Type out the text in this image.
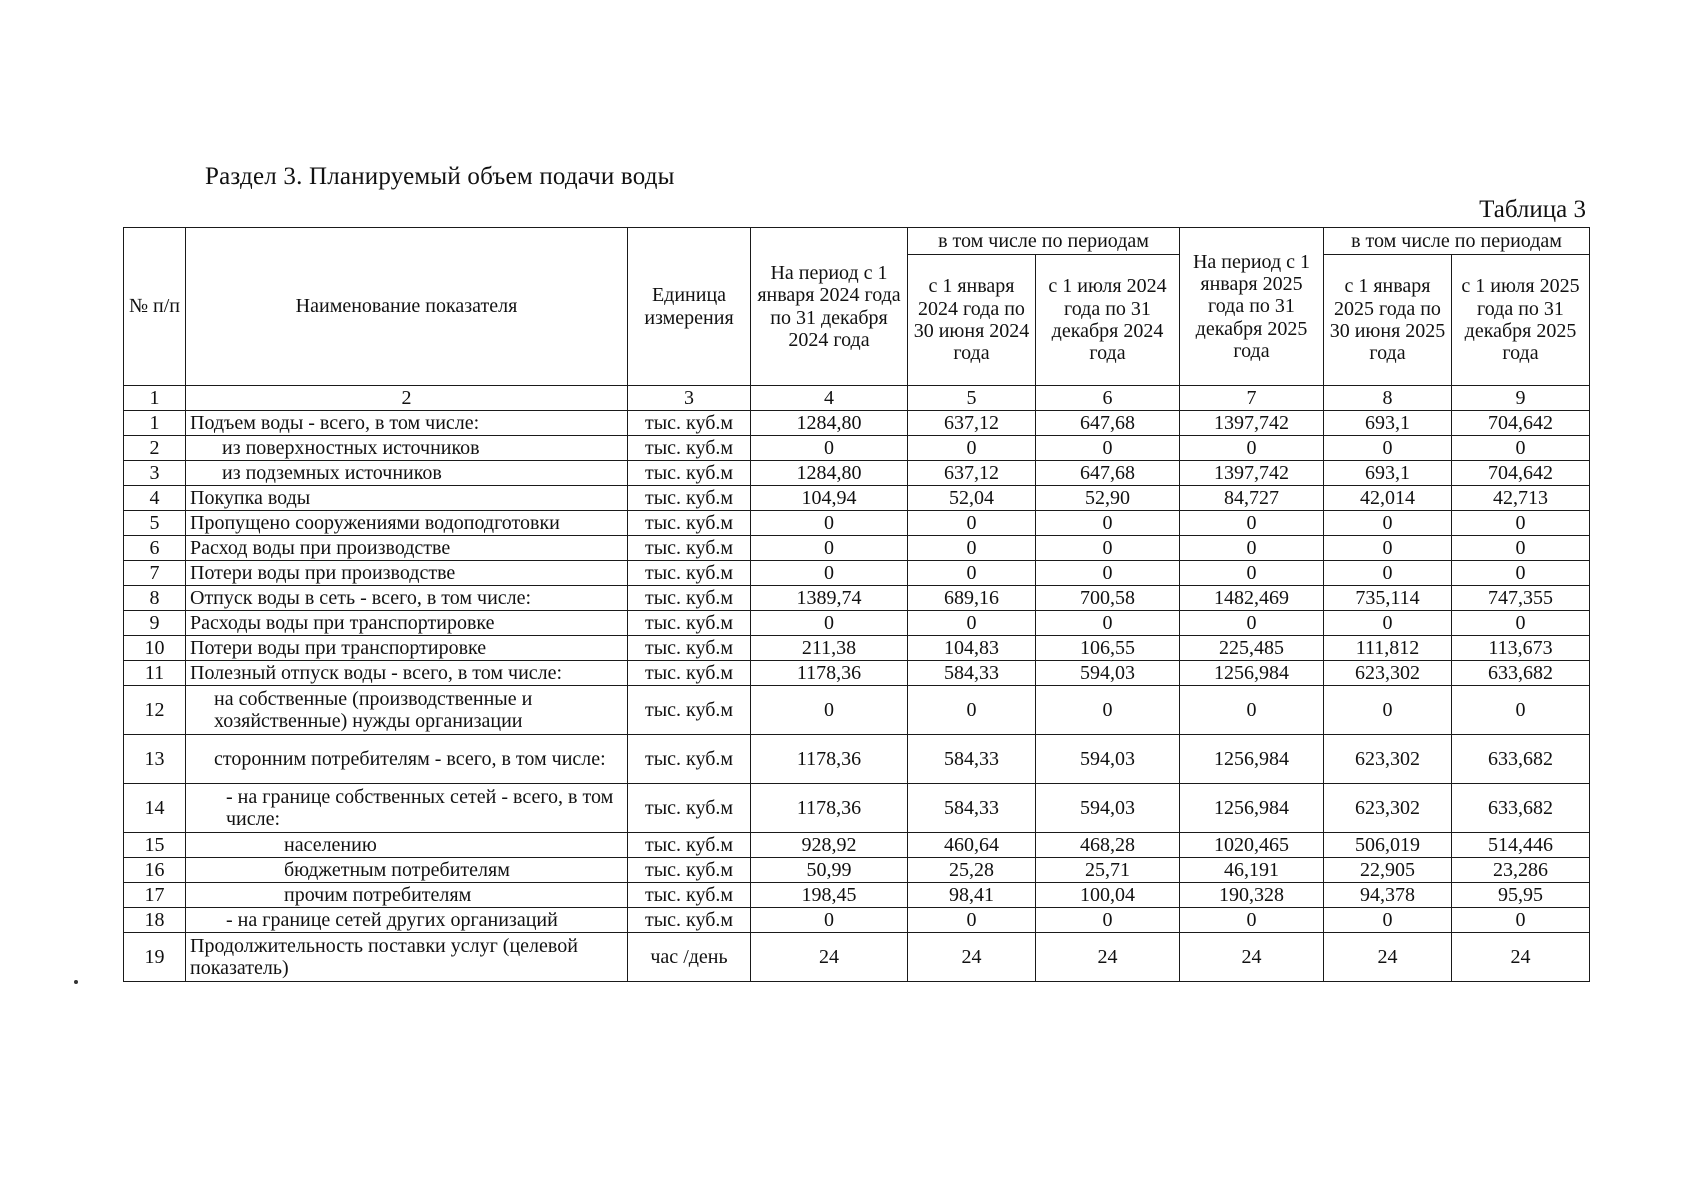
Раздел 3. Планируемый объем подачи воды
Таблица 3
№ п/п	Наименование показателя	Единица измерения	На период с 1 января 2024 года по 31 декабря 2024 года	в том числе по периодам		На период с 1 января 2025 года по 31 декабря 2025 года	в том числе по периодам	
				с 1 января 2024 года по 30 июня 2024 года	с 1 июля 2024 года по 31 декабря 2024 года		с 1 января 2025 года по 30 июня 2025 года	с 1 июля 2025 года по 31 декабря 2025 года
1	2	3	4	5	6	7	8	9
1	Подъем воды - всего, в том числе:	тыс. куб.м	1284,80	637,12	647,68	1397,742	693,1	704,642
2	из поверхностных источников	тыс. куб.м	0	0	0	0	0	0
3	из подземных источников	тыс. куб.м	1284,80	637,12	647,68	1397,742	693,1	704,642
4	Покупка воды	тыс. куб.м	104,94	52,04	52,90	84,727	42,014	42,713
5	Пропущено сооружениями водоподготовки	тыс. куб.м	0	0	0	0	0	0
6	Расход воды при производстве	тыс. куб.м	0	0	0	0	0	0
7	Потери воды при производстве	тыс. куб.м	0	0	0	0	0	0
8	Отпуск воды в сеть - всего, в том числе:	тыс. куб.м	1389,74	689,16	700,58	1482,469	735,114	747,355
9	Расходы воды при транспортировке	тыс. куб.м	0	0	0	0	0	0
10	Потери воды при транспортировке	тыс. куб.м	211,38	104,83	106,55	225,485	111,812	113,673
11	Полезный отпуск воды - всего, в том числе:	тыс. куб.м	1178,36	584,33	594,03	1256,984	623,302	633,682
12	на собственные (производственные и хозяйственные) нужды организации	тыс. куб.м	0	0	0	0	0	0
13	сторонним потребителям - всего, в том числе:	тыс. куб.м	1178,36	584,33	594,03	1256,984	623,302	633,682
14	- на границе собственных сетей - всего, в том числе:	тыс. куб.м	1178,36	584,33	594,03	1256,984	623,302	633,682
15	населению	тыс. куб.м	928,92	460,64	468,28	1020,465	506,019	514,446
16	бюджетным потребителям	тыс. куб.м	50,99	25,28	25,71	46,191	22,905	23,286
17	прочим потребителям	тыс. куб.м	198,45	98,41	100,04	190,328	94,378	95,95
18	- на границе сетей других организаций	тыс. куб.м	0	0	0	0	0	0
19	Продолжительность поставки услуг (целевой показатель)	час /день	24	24	24	24	24	24
